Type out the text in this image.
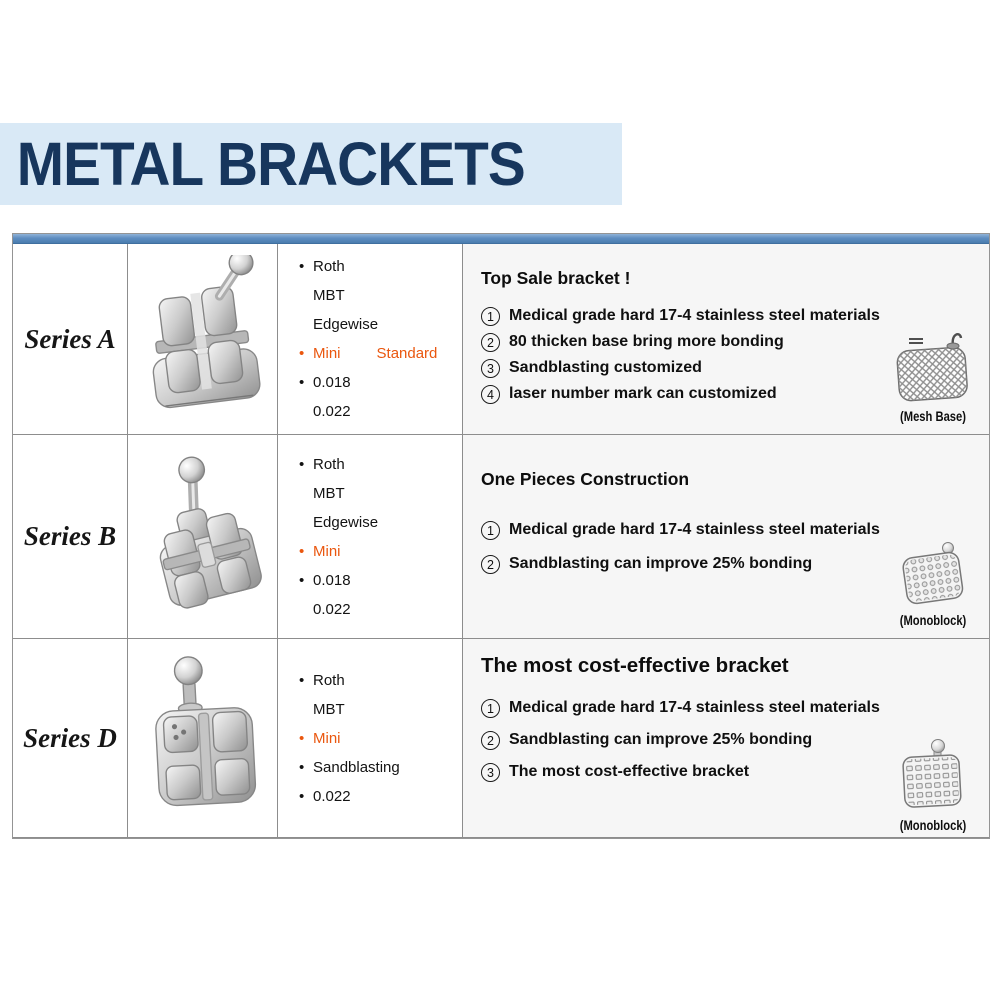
METAL BRACKETS
Series A
• Roth
MBT
Edgewise
• Mini Standard
• 0.018
0.022
Top Sale bracket !
1 Medical grade hard 17-4 stainless steel materials
2 80 thicken base bring more bonding
3 Sandblasting customized
4 laser number mark can customized
(Mesh Base)
Series B
• Roth
MBT
Edgewise
• Mini
• 0.018
0.022
One Pieces Construction
1 Medical grade hard 17-4 stainless steel materials
2 Sandblasting can improve 25% bonding
(Monoblock)
Series D
• Roth
MBT
• Mini
• Sandblasting
• 0.022
The most cost-effective bracket
1 Medical grade hard 17-4 stainless steel materials
2 Sandblasting can improve 25% bonding
3 The most cost-effective bracket
(Monoblock)
